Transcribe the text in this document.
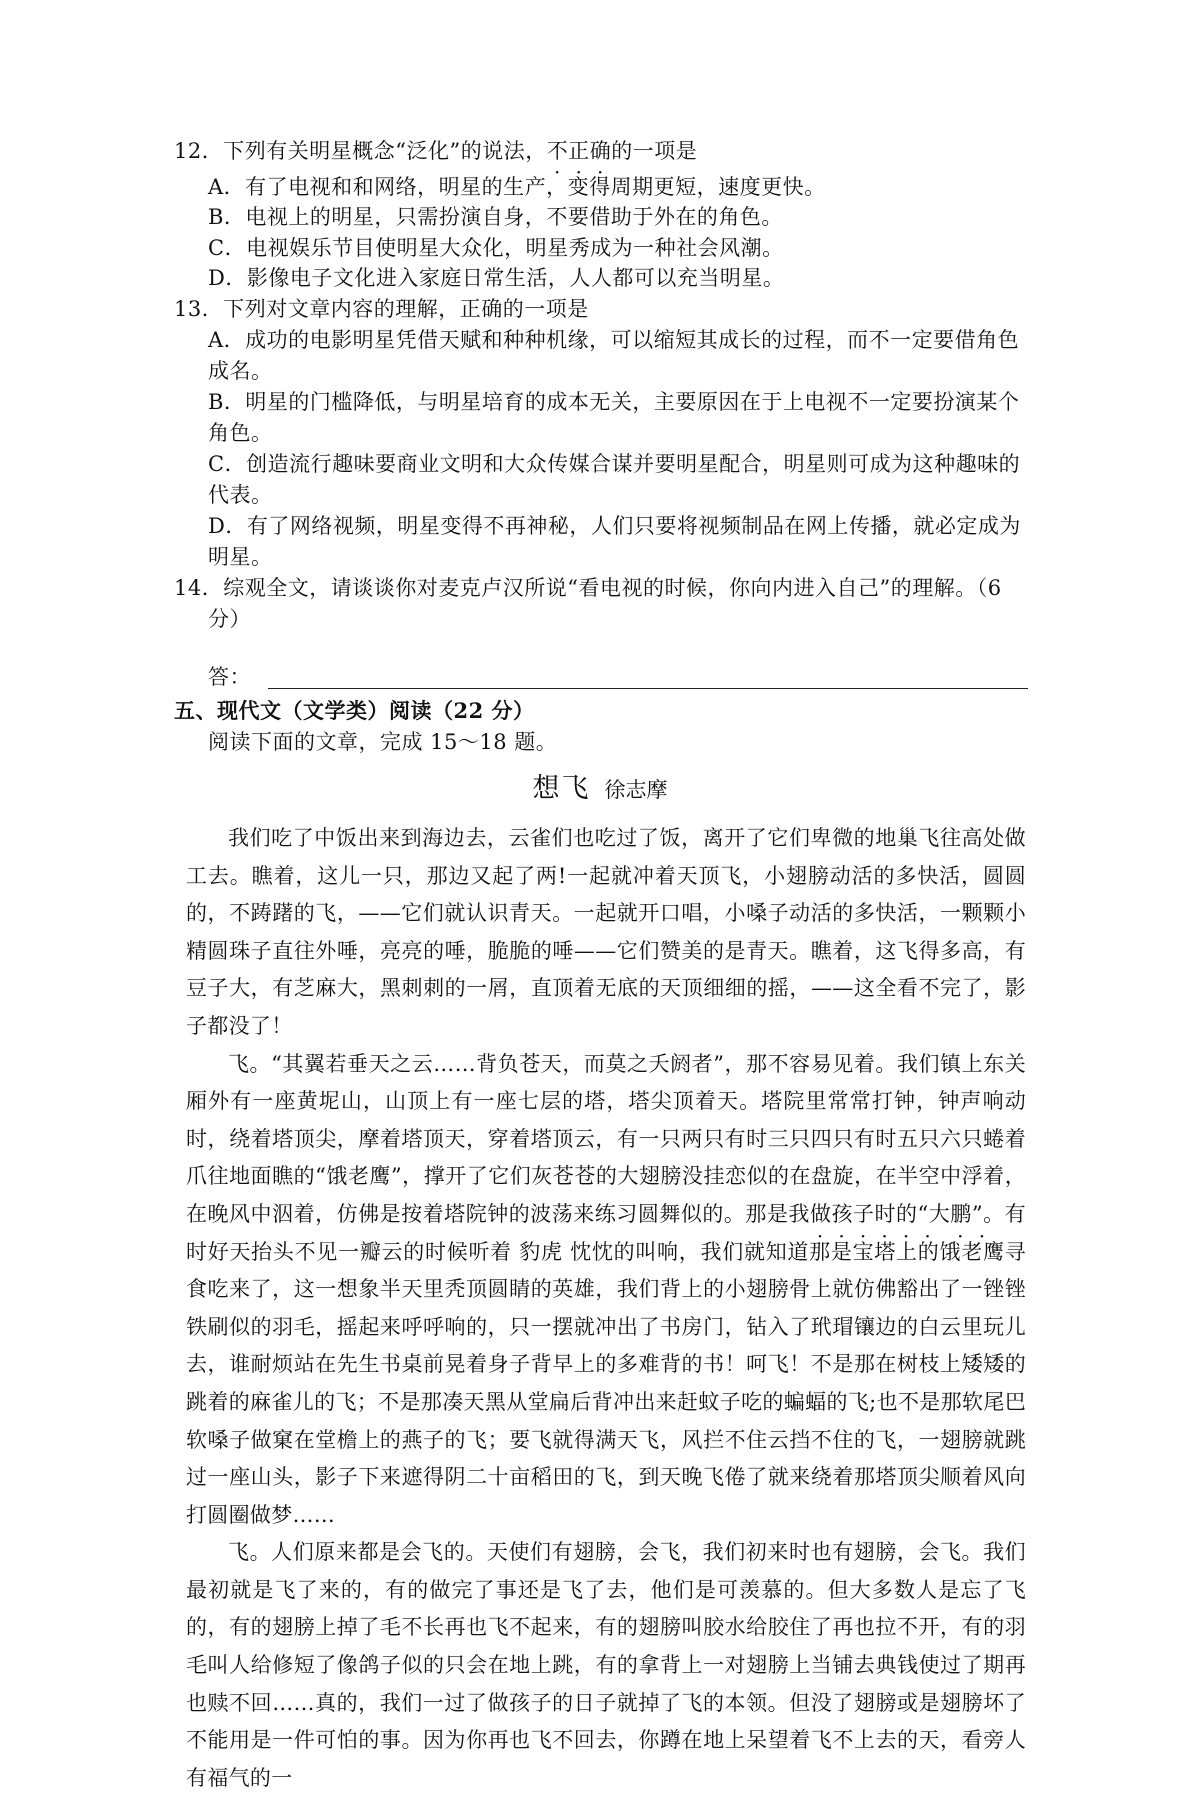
12．下列有关明星概念“泛化”的说法，不正确的一项是
A．有了电视和和网络，明星的生产，变得周期更短，速度更快。
B．电视上的明星，只需扮演自身，不要借助于外在的角色。
C．电视娱乐节目使明星大众化，明星秀成为一种社会风潮。
D．影像电子文化进入家庭日常生活，人人都可以充当明星。
13．下列对文章内容的理解，正确的一项是
A．成功的电影明星凭借天赋和种种机缘，可以缩短其成长的过程，而不一定要借角色
成名。
B．明星的门槛降低，与明星培育的成本无关，主要原因在于上电视不一定要扮演某个
角色。
C．创造流行趣味要商业文明和大众传媒合谋并要明星配合，明星则可成为这种趣味的
代表。
D．有了网络视频，明星变得不再神秘，人们只要将视频制品在网上传播，就必定成为
明星。
14．综观全文，请谈谈你对麦克卢汉所说“看电视的时候，你向内进入自己”的理解。（6
分）
答：
五、现代文（文学类）阅读（22 分）
阅读下面的文章，完成 15～18 题。
想飞 徐志摩

我们吃了中饭出来到海边去，云雀们也吃过了饭，离开了它们卑微的地巢飞往高处做工去。瞧着，这儿一只，那边又起了两!一起就冲着天顶飞，小翅膀动活的多快活，圆圆的，不踌躇的飞，——它们就认识青天。一起就开口唱，小嗓子动活的多快活，一颗颗小精圆珠子直往外唾，亮亮的唾，脆脆的唾——它们赞美的是青天。瞧着，这飞得多高，有豆子大，有芝麻大，黑刺刺的一屑，直顶着无底的天顶细细的摇，——这全看不完了，影子都没了！

飞。“其翼若垂天之云……背负苍天，而莫之夭阏者”，那不容易见着。我们镇上东关厢外有一座黄坭山，山顶上有一座七层的塔，塔尖顶着天。塔院里常常打钟，钟声响动时，绕着塔顶尖，摩着塔顶天，穿着塔顶云，有一只两只有时三只四只有时五只六只蜷着爪往地面瞧的“饿老鹰”，撑开了它们灰苍苍的大翅膀没挂恋似的在盘旋，在半空中浮着，在晚风中泅着，仿佛是按着塔院钟的波荡来练习圆舞似的。那是我做孩子时的“大鹏”。有时好天抬头不见一瓣云的时候听着 豹虎 忱忱的叫响，我们就知道那是宝塔上的饿老鹰寻食吃来了，这一想象半天里秃顶圆睛的英雄，我们背上的小翅膀骨上就仿佛豁出了一锉锉铁刷似的羽毛，摇起来呼呼响的，只一摆就冲出了书房门，钻入了玳瑁镶边的白云里玩儿去，谁耐烦站在先生书桌前晃着身子背早上的多难背的书！呵飞！不是那在树枝上矮矮的跳着的麻雀儿的飞；不是那凑天黑从堂扁后背冲出来赶蚊子吃的蝙蝠的飞;也不是那软尾巴软嗓子做窠在堂檐上的燕子的飞；要飞就得满天飞，风拦不住云挡不住的飞，一翅膀就跳过一座山头，影子下来遮得阴二十亩稻田的飞，到天晚飞倦了就来绕着那塔顶尖顺着风向打圆圈做梦……

飞。人们原来都是会飞的。天使们有翅膀，会飞，我们初来时也有翅膀，会飞。我们最初就是飞了来的，有的做完了事还是飞了去，他们是可羡慕的。但大多数人是忘了飞的，有的翅膀上掉了毛不长再也飞不起来，有的翅膀叫胶水给胶住了再也拉不开，有的羽毛叫人给修短了像鸽子似的只会在地上跳，有的拿背上一对翅膀上当铺去典钱使过了期再也赎不回……真的，我们一过了做孩子的日子就掉了飞的本领。但没了翅膀或是翅膀坏了不能用是一件可怕的事。因为你再也飞不回去，你蹲在地上呆望着飞不上去的天，看旁人有福气的一
